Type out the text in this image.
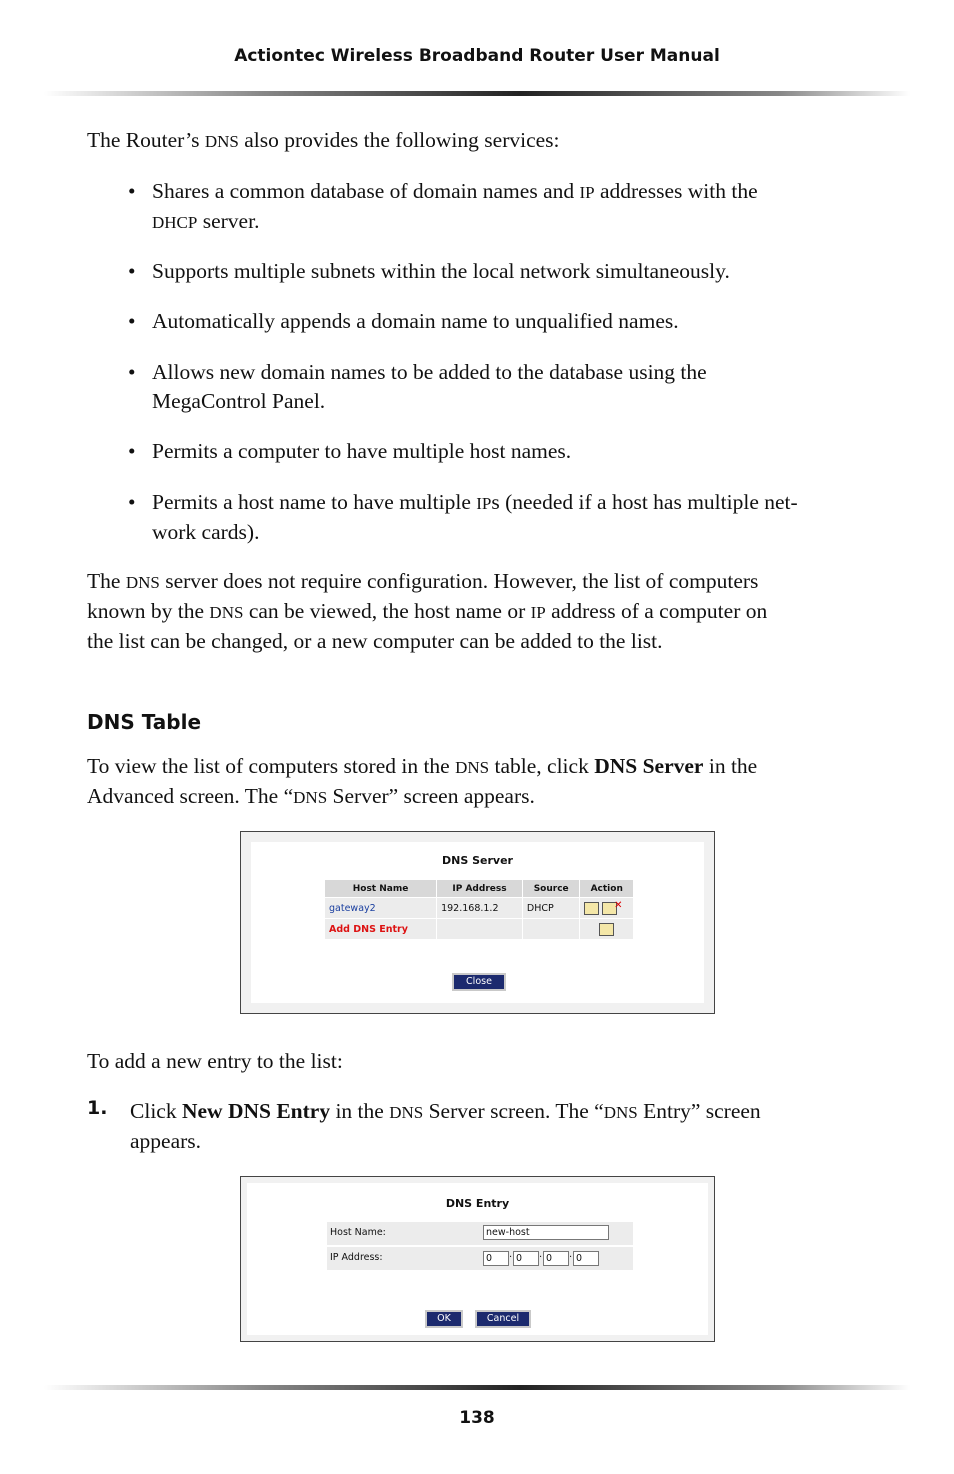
Actiontec Wireless Broadband Router User Manual

The Router’s DNS also provides the following services:

• Shares a common database of domain names and IP addresses with the
DHCP server.
• Supports multiple subnets within the local network simultaneously.
• Automatically appends a domain name to unqualified names.
• Allows new domain names to be added to the database using the
MegaControl Panel.
• Permits a computer to have multiple host names.
• Permits a host name to have multiple IPs (needed if a host has multiple net-
work cards).

The DNS server does not require configuration. However, the list of computers
known by the DNS can be viewed, the host name or IP address of a computer on
the list can be changed, or a new computer can be added to the list.

DNS Table

To view the list of computers stored in the DNS table, click DNS Server in the
Advanced screen. The “DNS Server” screen appears.

DNS Server
Host Name	IP Address	Source	Action
gateway2	192.168.1.2	DHCP	✕
Add DNS Entry			
Close

To add a new entry to the list:

1. Click New DNS Entry in the DNS Server screen. The “DNS Entry” screen
appears.
DNS Entry
Host Name:	new-host
IP Address:	0	. 0	. 0	. 0
OK	Cancel
138
